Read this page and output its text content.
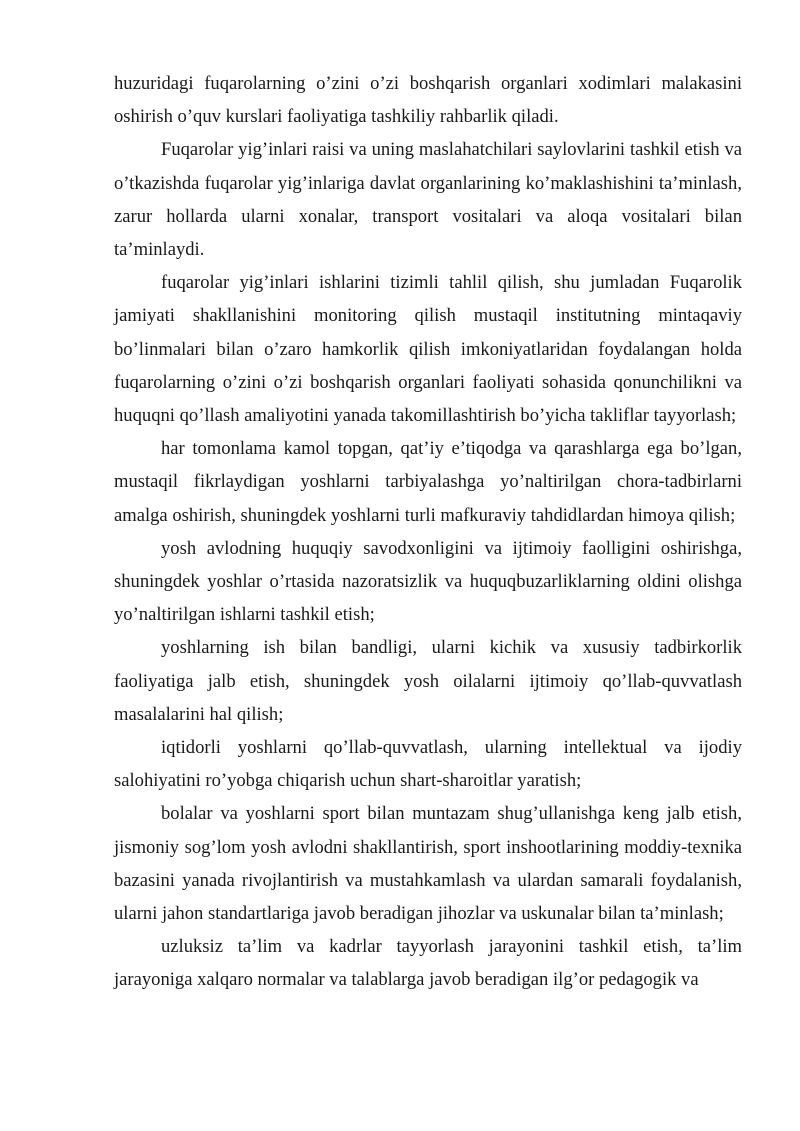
huzuridagi fuqarolarning o’zini o’zi boshqarish organlari xodimlari malakasini oshirish o’quv kurslari faoliyatiga tashkiliy rahbarlik qiladi.

Fuqarolar yig’inlari raisi va uning maslahatchilari saylovlarini tashkil etish va o’tkazishda fuqarolar yig’inlariga davlat organlarining ko’maklashishini ta’minlash, zarur hollarda ularni xonalar, transport vositalari va aloqa vositalari bilan ta’minlaydi.

fuqarolar yig’inlari ishlarini tizimli tahlil qilish, shu jumladan Fuqarolik jamiyati shakllanishini monitoring qilish mustaqil institutning mintaqaviy bo’linmalari bilan o’zaro hamkorlik qilish imkoniyatlaridan foydalangan holda fuqarolarning o’zini o’zi boshqarish organlari faoliyati sohasida qonunchilikni va huquqni qo’llash amaliyotini yanada takomillashtirish bo’yicha takliflar tayyorlash;

har tomonlama kamol topgan, qat’iy e’tiqodga va qarashlarga ega bo’lgan, mustaqil fikrlaydigan yoshlarni tarbiyalashga yo’naltirilgan chora-tadbirlarni amalga oshirish, shuningdek yoshlarni turli mafkuraviy tahdidlardan himoya qilish;

yosh avlodning huquqiy savodxonligini va ijtimoiy faolligini oshirishga, shuningdek yoshlar o’rtasida nazoratsizlik va huquqbuzarliklarning oldini olishga yo’naltirilgan ishlarni tashkil etish;

yoshlarning ish bilan bandligi, ularni kichik va xususiy tadbirkorlik faoliyatiga jalb etish, shuningdek yosh oilalarni ijtimoiy qo’llab-quvvatlash masalalarini hal qilish;

iqtidorli yoshlarni qo’llab-quvvatlash, ularning intellektual va ijodiy salohiyatini ro’yobga chiqarish uchun shart-sharoitlar yaratish;

bolalar va yoshlarni sport bilan muntazam shug’ullanishga keng jalb etish, jismoniy sog’lom yosh avlodni shakllantirish, sport inshootlarining moddiy-texnika bazasini yanada rivojlantirish va mustahkamlash va ulardan samarali foydalanish, ularni jahon standartlariga javob beradigan jihozlar va uskunalar bilan ta’minlash;

uzluksiz ta’lim va kadrlar tayyorlash jarayonini tashkil etish, ta’lim jarayoniga xalqaro normalar va talablarga javob beradigan ilg’or pedagogik va
